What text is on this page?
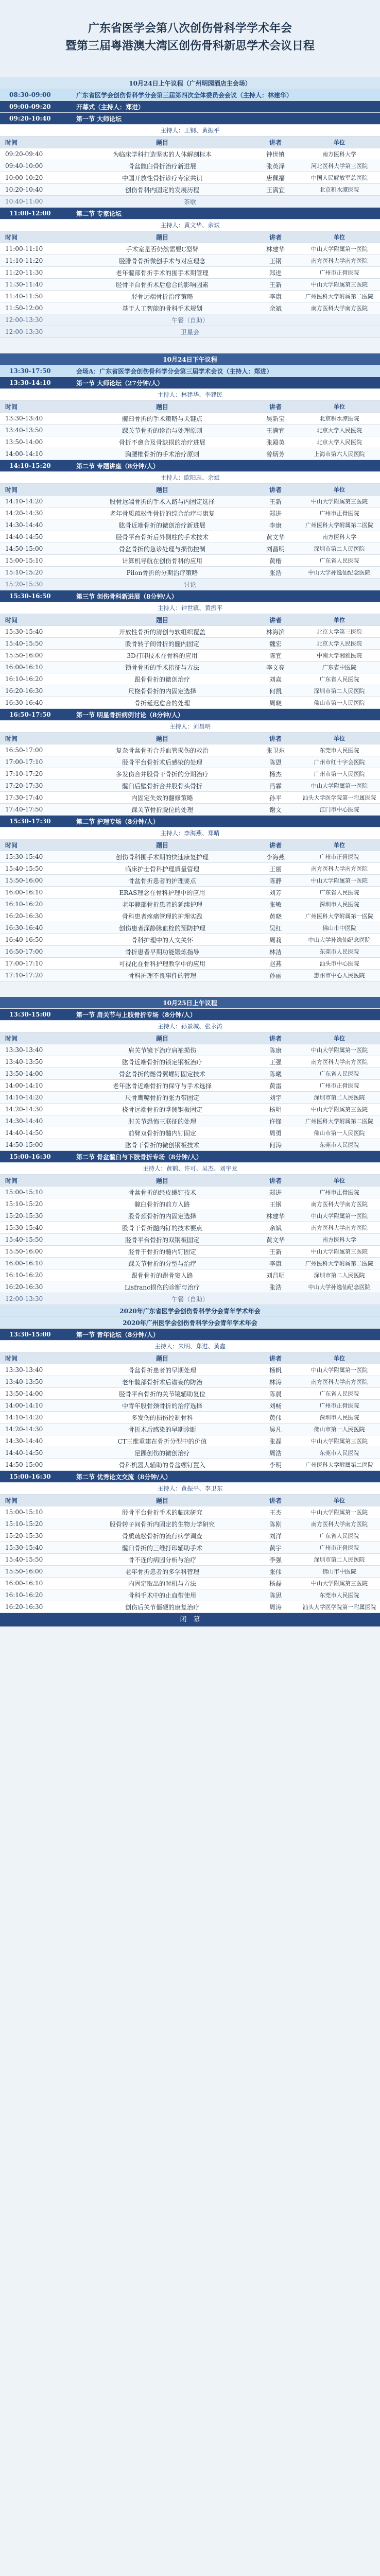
广东省医学会第八次创伤骨科学学术年会
暨第三届粤港澳大湾区创伤骨科新思学术会议日程
10月24日上午议程（广州明园酒店主会场）
08:30-09:00	广东省医学会创伤骨科学分会第三届第四次全体委员会会议（主持人：林建华）
09:00-09:20	开幕式（主持人：郑进）
09:20-10:40	第一节 大师论坛
主持人：王钢、黄振平
时间	题目	讲者	单位
09:20-09:40	为临床学科打造坚实的人体解剖标本	钟世镇	南方医科大学
09:40-10:00	骨盆髋臼骨折治疗新进展	张英泽	河北医科大学第三医院
10:00-10:20	中国开放性骨折诊疗专家共识	唐佩福	中国人民解放军总医院
10:20-10:40	创伤骨科内固定的发展历程	王满宜	北京积水潭医院
10:40-11:00	茶歇
11:00-12:00	第二节 专家论坛
主持人：黄文华、余斌
时间	题目	讲者	单位
11:00-11:10	手术室是否仍然需要C型臂	林建华	中山大学附属第一医院
11:10-11:20	胫腓骨骨折微创手术与对应理念	王钢	南方医科大学南方医院
11:20-11:30	老年髋部骨折手术的围手术期管理	郑进	广州市正骨医院
11:30-11:40	胫骨平台骨折术后愈合的影响因素	王新	中山大学附属第三医院
11:40-11:50	胫骨远端骨折治疗策略	李康	广州医科大学附属第二医院
11:50-12:00	基于人工智能的骨科手术规划	余斌	南方医科大学南方医院
12:00-13:30	午餐（自助）
12:00-13:30	卫星会
10月24日下午议程
13:30-17:50	会场A：广东省医学会创伤骨科学分会第三届学术会议（主持人：郑进）
13:30-14:10	第一节 大师论坛（27分钟/人）
主持人：林建华、李建民
时间	题目	讲者	单位
13:30-13:40	髋臼骨折的手术策略与关键点	吴新宝	北京积水潭医院
13:40-13:50	踝关节骨折的诊治与处理原则	王满宜	北京大学人民医院
13:50-14:00	骨折不愈合及骨缺损的治疗进展	张殿英	北京大学人民医院
14:00-14:10	胸腰椎骨折的手术治疗原则	曾炳芳	上海市第六人民医院
14:10-15:20	第二节 专题讲座（8分钟/人）
主持人：欧阳志、余斌
时间	题目	讲者	单位
14:10-14:20	股骨远端骨折的手术入路与内固定选择	王新	中山大学附属第三医院
14:20-14:30	老年骨质疏松性骨折的综合治疗与康复	郑进	广州市正骨医院
14:30-14:40	肱骨近端骨折的微创治疗新进展	李康	广州医科大学附属第二医院
14:40-14:50	胫骨平台骨折后外侧柱的手术技术	黄文华	南方医科大学
14:50-15:00	骨盆骨折的急诊处理与损伤控制	刘昌明	深圳市第二人民医院
15:00-15:10	计算机导航在创伤骨科的应用	黄楷	广东省人民医院
15:10-15:20	Pilon骨折的分期治疗策略	张浩	中山大学孙逸仙纪念医院
15:20-15:30	讨论
15:30-16:50	第三节 创伤骨科新进展（8分钟/人）
主持人：钟世镇、黄振平
时间	题目	讲者	单位
15:30-15:40	开放性骨折的清创与软组织覆盖	林海滨	北京大学第三医院
15:40-15:50	股骨转子间骨折的髓内固定	魏宏	北京大学人民医院
15:50-16:00	3D打印技术在骨科的应用	陈宜	中南大学湘雅医院
16:00-16:10	锁骨骨折的手术指征与方法	李文亮	广东省中医院
16:10-16:20	跟骨骨折的微创治疗	刘焱	广东省人民医院
16:20-16:30	尺桡骨骨折的内固定选择	何凯	深圳市第二人民医院
16:30-16:40	骨折延迟愈合的处理	周晓	佛山市第一人民医院
16:50-17:50	第一节 明星骨折病例讨论（8分钟/人）
主持人：刘昌明
时间	题目	讲者	单位
16:50-17:00	复杂骨盆骨折合并血管损伤的救治	张卫东	东莞市人民医院
17:00-17:10	胫骨平台骨折术后感染的处理	陈恩	广州市红十字会医院
17:10-17:20	多发伤合并股骨干骨折的分期治疗	杨杰	广州市第一人民医院
17:20-17:30	髋臼后壁骨折合并股骨头骨折	冯霖	中山大学附属第一医院
17:30-17:40	内固定失效的翻修策略	孙平	汕头大学医学院第一附属医院
17:40-17:50	踝关节骨折脱位的处理	谢文	江门市中心医院
15:30-17:30	第二节 护理专场（8分钟/人）
主持人：李海燕、郑晴
时间	题目	讲者	单位
15:30-15:40	创伤骨科围手术期的快速康复护理	李海燕	广州市正骨医院
15:40-15:50	临床护士骨科护理质量管理	王丽	南方医科大学南方医院
15:50-16:00	骨盆骨折患者的护理要点	陈静	中山大学附属第一医院
16:00-16:10	ERAS理念在骨科护理中的应用	刘芳	广东省人民医院
16:10-16:20	老年髋部骨折患者的延续护理	张敏	深圳市人民医院
16:20-16:30	骨科患者疼痛管理的护理实践	黄晓	广州医科大学附属第一医院
16:30-16:40	创伤患者深静脉血栓的预防护理	吴红	佛山市中医院
16:40-16:50	骨科护理中的人文关怀	周莉	中山大学孙逸仙纪念医院
16:50-17:00	骨折患者早期功能锻炼指导	林洁	东莞市人民医院
17:00-17:10	可视化在骨科护理教学中的应用	赵燕	汕头市中心医院
17:10-17:20	骨科护理不良事件的管理	孙丽	惠州市中心人民医院
10月25日上午议程
13:30-15:00	第一节 肩关节与上肢骨折专场（8分钟/人）
主持人：孙景城、张永涛
时间	题目	讲者	单位
13:30-13:40	肩关节镜下治疗肩袖损伤	陈康	中山大学附属第一医院
13:40-13:50	肱骨近端骨折的锁定钢板治疗	王强	南方医科大学南方医院
13:50-14:00	骨盆骨折的髂骨翼螺钉固定技术	陈曦	广东省人民医院
14:00-14:10	老年肱骨近端骨折的保守与手术选择	黄雷	广州市正骨医院
14:10-14:20	尺骨鹰嘴骨折的张力带固定	刘宇	深圳市第二人民医院
14:20-14:30	桡骨远端骨折的掌侧钢板固定	杨明	中山大学附属第三医院
14:30-14:40	肘关节恐怖三联征的处理	许锋	广州医科大学附属第二医院
14:40-14:50	前臂双骨折的髓内钉固定	周勇	佛山市第一人民医院
14:50-15:00	肱骨干骨折的微创钢板技术	何涛	东莞市人民医院
15:00-16:30	第二节 骨盆髋臼与下肢骨折专场（8分钟/人）
主持人：黄鹤、许可、吴杰、刘宇龙
时间	题目	讲者	单位
15:00-15:10	骨盆骨折的经皮螺钉技术	郑进	广州市正骨医院
15:10-15:20	髋臼骨折的前方入路	王钢	南方医科大学南方医院
15:20-15:30	股骨颈骨折的内固定选择	林建华	中山大学附属第一医院
15:30-15:40	股骨干骨折髓内钉的技术要点	余斌	南方医科大学南方医院
15:40-15:50	胫骨平台骨折的双钢板固定	黄文华	南方医科大学
15:50-16:00	胫骨干骨折的髓内钉固定	王新	中山大学附属第三医院
16:00-16:10	踝关节骨折的分型与治疗	李康	广州医科大学附属第二医院
16:10-16:20	跟骨骨折的跗骨窦入路	刘昌明	深圳市第二人民医院
16:20-16:30	Lisfranc损伤的诊断与治疗	张浩	中山大学孙逸仙纪念医院
12:00-13:30	午餐（自助）
2020年广东省医学会创伤骨科学分会青年学术年会
2020年广州医学会创伤骨科学分会青年学术年会
13:30-15:00	第一节 青年论坛（8分钟/人）
主持人：朱明、郑进、黄鑫
时间	题目	讲者	单位
13:30-13:40	骨盆骨折患者的早期处理	杨帆	中山大学附属第一医院
13:40-13:50	老年髋部骨折术后谵妄的防治	林涛	南方医科大学南方医院
13:50-14:00	胫骨平台骨折的关节镜辅助复位	陈晨	广东省人民医院
14:00-14:10	中青年股骨颈骨折的治疗选择	刘畅	广州市正骨医院
14:10-14:20	多发伤的损伤控制骨科	黄伟	深圳市人民医院
14:20-14:30	骨折术后感染的早期诊断	吴凡	佛山市第一人民医院
14:30-14:40	CT三维重建在骨折分型中的价值	张磊	中山大学附属第三医院
14:40-14:50	足踝创伤的微创治疗	周浩	东莞市人民医院
14:50-15:00	骨科机器人辅助的骨盆螺钉置入	李明	广州医科大学附属第二医院
15:00-16:30	第二节 优秀论文交流（8分钟/人）
主持人：黄振平、李卫东
时间	题目	讲者	单位
15:00-15:10	胫骨平台骨折手术的临床研究	王杰	中山大学附属第一医院
15:10-15:20	股骨转子间骨折内固定的生物力学研究	陈刚	南方医科大学南方医院
15:20-15:30	骨质疏松骨折的流行病学调查	刘洋	广东省人民医院
15:30-15:40	髋臼骨折的三维打印辅助手术	黄宇	广州市正骨医院
15:40-15:50	骨不连的病因分析与治疗	李强	深圳市第二人民医院
15:50-16:00	老年骨折患者的多学科管理	张伟	佛山市中医院
16:00-16:10	内固定取出的时机与方法	杨磊	中山大学附属第三医院
16:10-16:20	骨科手术中的止血带使用	陈思	东莞市人民医院
16:20-16:30	创伤后关节僵硬的康复治疗	周涛	汕头大学医学院第一附属医院
闭　幕
